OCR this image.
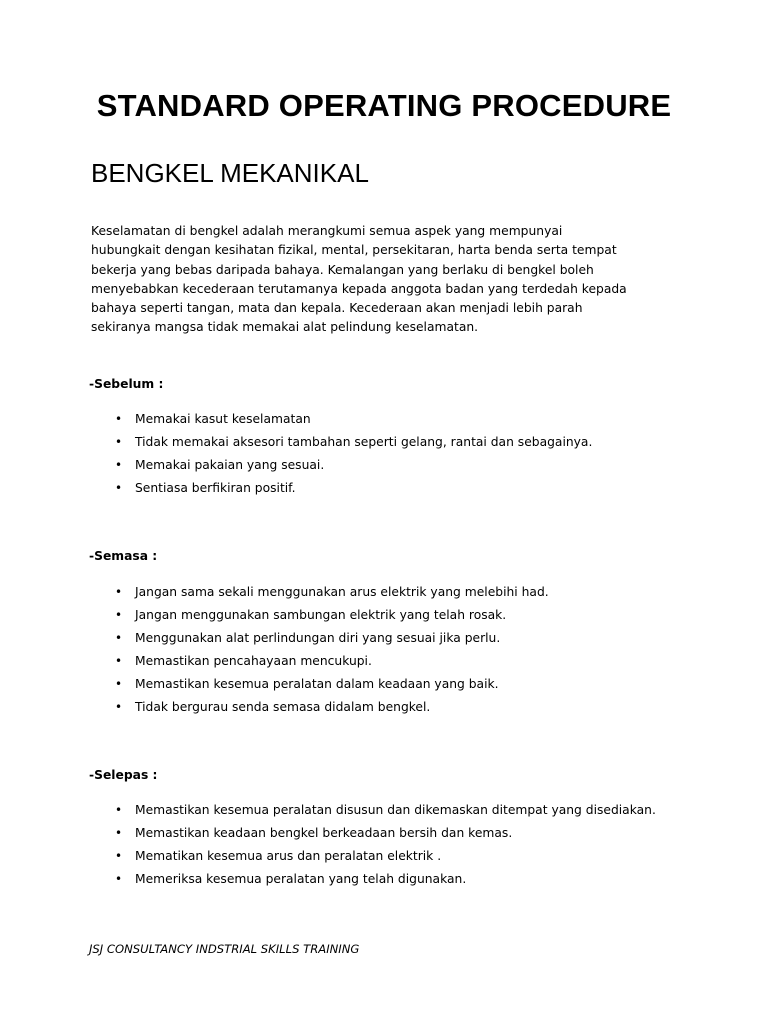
STANDARD OPERATING PROCEDURE
BENGKEL MEKANIKAL
Keselamatan di bengkel adalah merangkumi semua aspek yang mempunyai
hubungkait dengan kesihatan fizikal, mental, persekitaran, harta benda serta tempat
bekerja yang bebas daripada bahaya. Kemalangan yang berlaku di bengkel boleh
menyebabkan kecederaan terutamanya kepada anggota badan yang terdedah kepada
bahaya seperti tangan, mata dan kepala. Kecederaan akan menjadi lebih parah
sekiranya mangsa tidak memakai alat pelindung keselamatan.
-Sebelum :
• Memakai kasut keselamatan
• Tidak memakai aksesori tambahan seperti gelang, rantai dan sebagainya.
• Memakai pakaian yang sesuai.
• Sentiasa berfikiran positif.
-Semasa :
• Jangan sama sekali menggunakan arus elektrik yang melebihi had.
• Jangan menggunakan sambungan elektrik yang telah rosak.
• Menggunakan alat perlindungan diri yang sesuai jika perlu.
• Memastikan pencahayaan mencukupi.
• Memastikan kesemua peralatan dalam keadaan yang baik.
• Tidak bergurau senda semasa didalam bengkel.
-Selepas :
• Memastikan kesemua peralatan disusun dan dikemaskan ditempat yang disediakan.
• Memastikan keadaan bengkel berkeadaan bersih dan kemas.
• Mematikan kesemua arus dan peralatan elektrik .
• Memeriksa kesemua peralatan yang telah digunakan.
JSJ CONSULTANCY INDSTRIAL SKILLS TRAINING
